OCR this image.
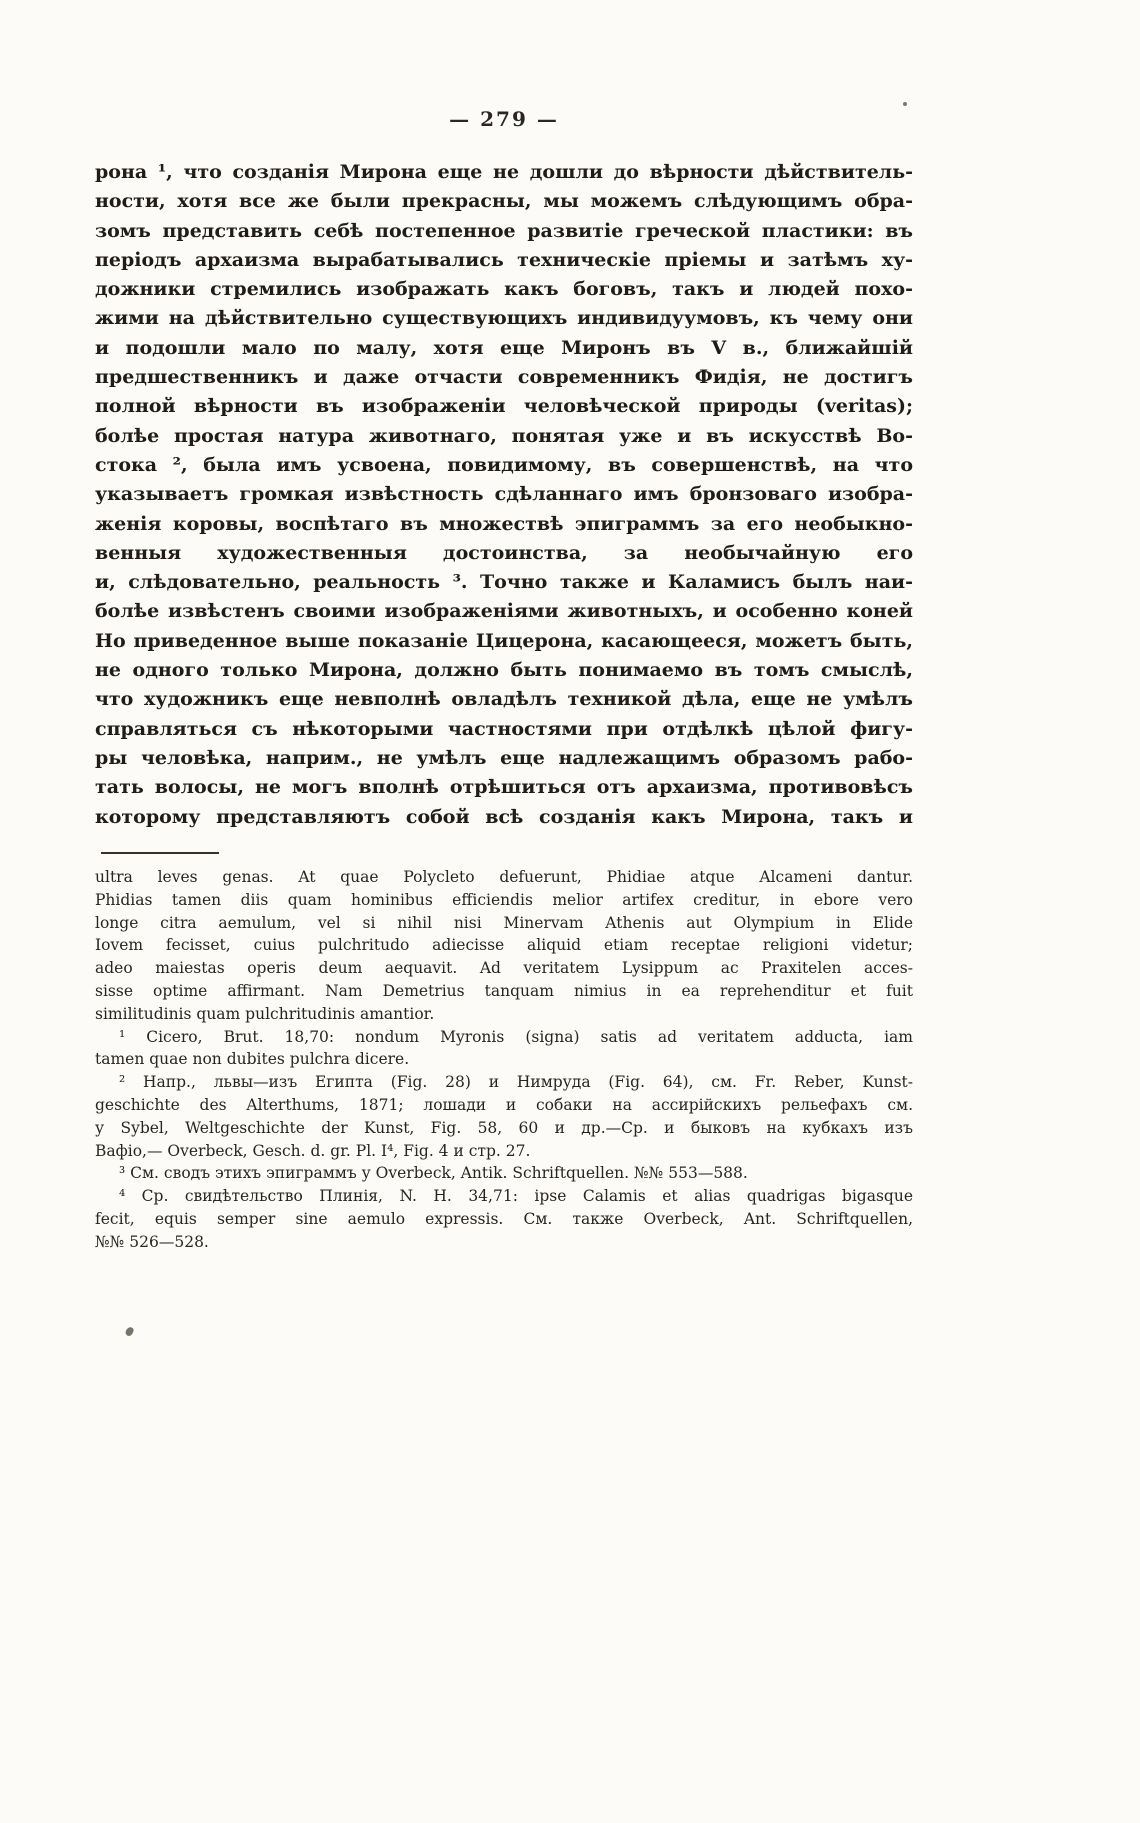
— 279 —
рона ¹, что созданія Мирона еще не дошли до вѣрности дѣйствитель-
ности, хотя все же были прекрасны, мы можемъ слѣдующимъ обра-
зомъ представить себѣ постепенное развитіе греческой пластики: въ
періодъ архаизма вырабатывались техническіе пріемы и затѣмъ ху-
дожники стремились изображать какъ боговъ, такъ и людей похо-
жими на дѣйствительно существующихъ индивидуумовъ, къ чему они
и подошли мало по малу, хотя еще Миронъ въ V в., ближайшій
предшественникъ и даже отчасти современникъ Фидія, не достигъ
полной вѣрности въ изображеніи человѣческой природы (veritas);
болѣе простая натура животнаго, понятая уже и въ искусствѣ Во-
стока ², была имъ усвоена, повидимому, въ совершенствѣ, на что
указываетъ громкая извѣстность сдѣланнаго имъ бронзоваго изобра-
женія коровы, воспѣтаго въ множествѣ эпиграммъ за его необыкно-
венныя художественныя достоинства, за необычайную его
и, слѣдовательно, реальность ³. Точно также и Каламисъ былъ наи-
болѣе извѣстенъ своими изображеніями животныхъ, и особенно коней
Но приведенное выше показаніе Цицерона, касающееся, можетъ быть,
не одного только Мирона, должно быть понимаемо въ томъ смыслѣ,
что художникъ еще невполнѣ овладѣлъ техникой дѣла, еще не умѣлъ
справляться съ нѣкоторыми частностями при отдѣлкѣ цѣлой фигу-
ры человѣка, наприм., не умѣлъ еще надлежащимъ образомъ рабо-
тать волосы, не могъ вполнѣ отрѣшиться отъ архаизма, противовѣсъ
которому представляютъ собой всѣ созданія какъ Мирона, такъ и
ultra leves genas. At quae Polycleto defuerunt, Phidiae atque Alcameni dantur.
Phidias tamen diis quam hominibus efficiendis melior artifex creditur, in ebore vero
longe citra aemulum, vel si nihil nisi Minervam Athenis aut Olympium in Elide
Iovem fecisset, cuius pulchritudo adiecisse aliquid etiam receptae religioni videtur;
adeo maiestas operis deum aequavit. Ad veritatem Lysippum ac Praxitelen acces-
sisse optime affirmant. Nam Demetrius tanquam nimius in ea reprehenditur et fuit
similitudinis quam pulchritudinis amantior.
¹ Cicero, Brut. 18,70: nondum Myronis (signa) satis ad veritatem adducta, iam
tamen quae non dubites pulchra dicere.
² Напр., львы—изъ Египта (Fig. 28) и Нимруда (Fig. 64), см. Fr. Reber, Kunst-
geschichte des Alterthums, 1871; лошади и собаки на ассирійскихъ рельефахъ см.
у Sybel, Weltgeschichte der Kunst, Fig. 58, 60 и др.—Ср. и быковъ на кубкахъ изъ
Вафіо,— Overbeck, Gesch. d. gr. Pl. I⁴, Fig. 4 и стр. 27.
³ См. сводъ этихъ эпиграммъ у Overbeck, Antik. Schriftquellen. №№ 553—588.
⁴ Ср. свидѣтельство Плинія, N. H. 34,71: ipse Calamis et alias quadrigas bigasque
fecit, equis semper sine aemulo expressis. См. также Overbeck, Ant. Schriftquellen,
№№ 526—528.
